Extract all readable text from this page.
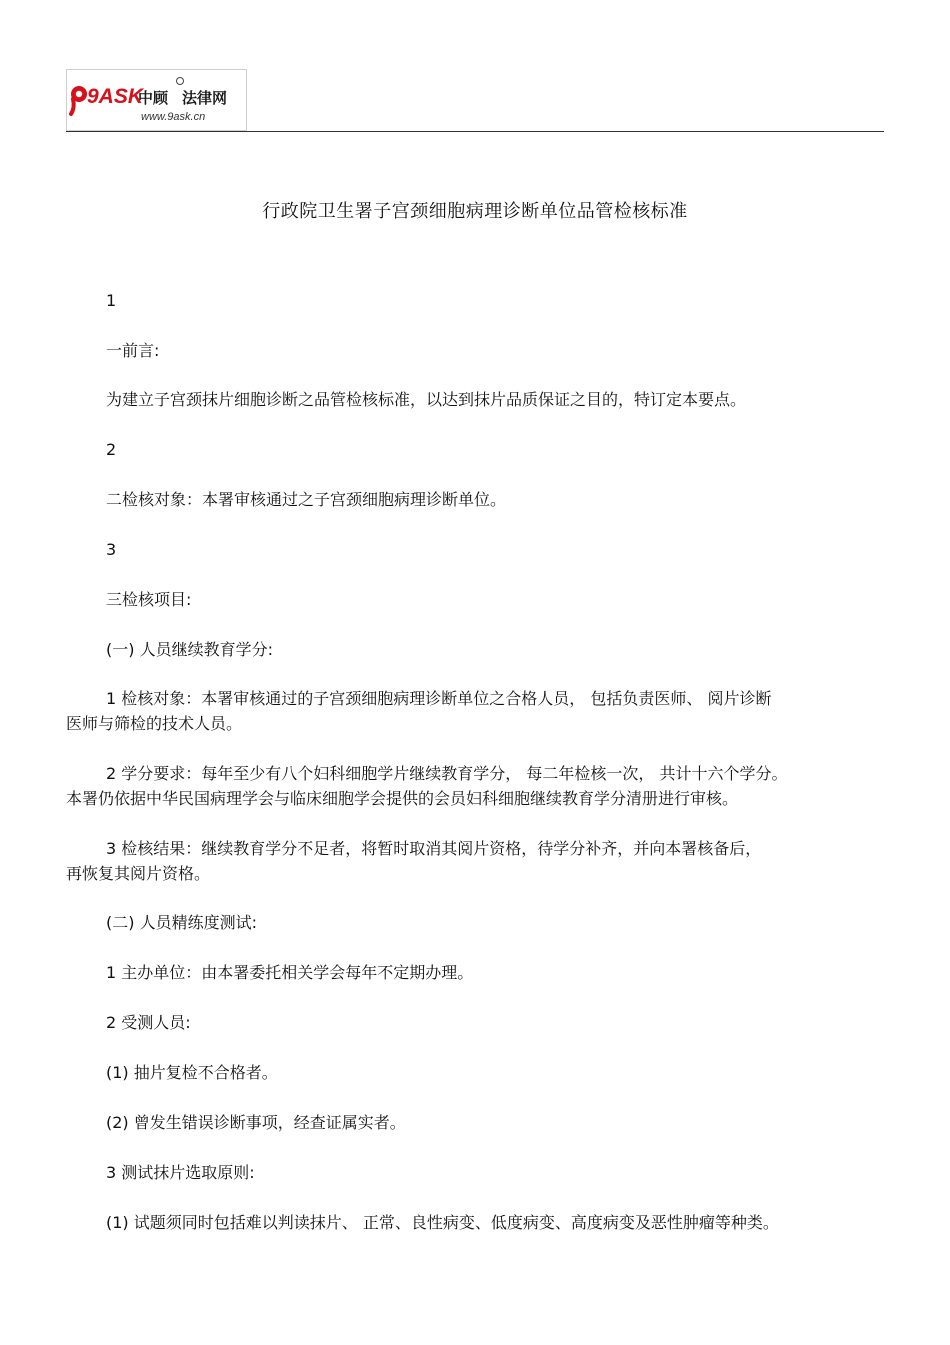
9ASK
中顾 法律网
www.9ask.cn
行政院卫生署子宫颈细胞病理诊断单位品管检核标准
1
一前言:
为建立子宫颈抹片细胞诊断之品管检核标准，以达到抹片品质保证之目的，特订定本要点。
2
二检核对象：本署审核通过之子宫颈细胞病理诊断单位。
3
三检核项目:
(一) 人员继续教育学分:
1 检核对象：本署审核通过的子宫颈细胞病理诊断单位之合格人员， 包括负责医师、 阅片诊断
医师与筛检的技术人员。
2 学分要求：每年至少有八个妇科细胞学片继续教育学分， 每二年检核一次， 共计十六个学分。
本署仍依据中华民国病理学会与临床细胞学会提供的会员妇科细胞继续教育学分清册进行审核。
3 检核结果：继续教育学分不足者，将暂时取消其阅片资格，待学分补齐，并向本署核备后，
再恢复其阅片资格。
(二) 人员精练度测试:
1 主办单位：由本署委托相关学会每年不定期办理。
2 受测人员:
(1) 抽片复检不合格者。
(2) 曾发生错误诊断事项，经查证属实者。
3 测试抹片选取原则:
(1) 试题须同时包括难以判读抹片、 正常、良性病变、低度病变、高度病变及恶性肿瘤等种类。
